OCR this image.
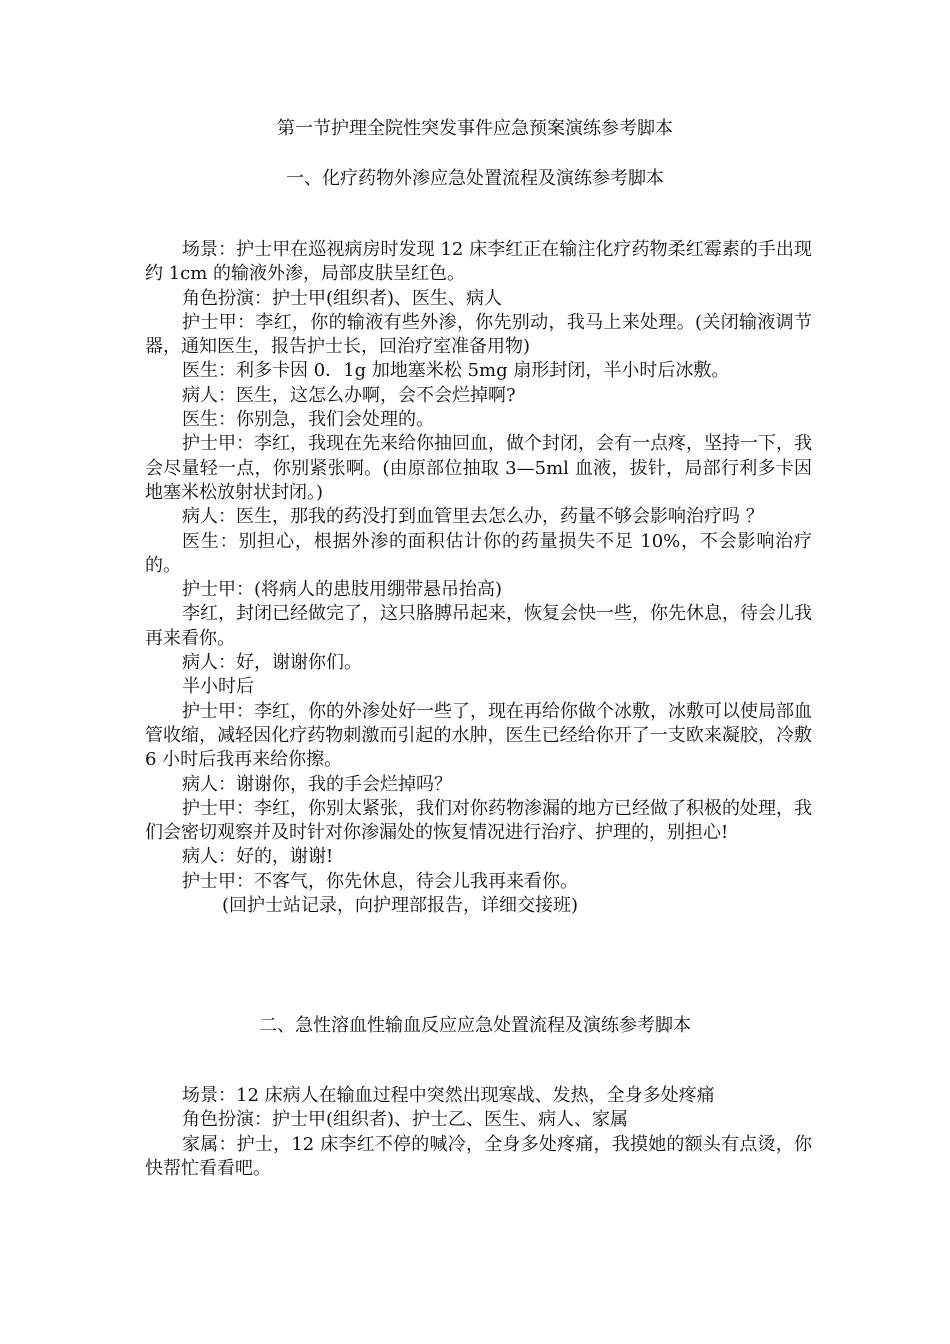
第一节护理全院性突发事件应急预案演练参考脚本
一、化疗药物外渗应急处置流程及演练参考脚本

场景：护士甲在巡视病房时发现 12 床李红正在输注化疗药物柔红霉素的手出现约 1cm 的输液外渗，局部皮肤呈红色。

角色扮演：护士甲(组织者)、医生、病人

护士甲：李红，你的输液有些外渗，你先别动，我马上来处理。(关闭输液调节器，通知医生，报告护士长，回治疗室准备用物)

医生：利多卡因 0．1g 加地塞米松 5mg 扇形封闭，半小时后冰敷。

病人：医生，这怎么办啊，会不会烂掉啊?

医生：你别急，我们会处理的。

护士甲：李红，我现在先来给你抽回血，做个封闭，会有一点疼，坚持一下，我会尽量轻一点，你别紧张啊。(由原部位抽取 3—5ml 血液，拔针，局部行利多卡因地塞米松放射状封闭。)

病人：医生，那我的药没打到血管里去怎么办，药量不够会影响治疗吗 ？

医生：别担心，根据外渗的面积估计你的药量损失不足 10%，不会影响治疗的。

护士甲：(将病人的患肢用绷带悬吊抬高)

李红，封闭已经做完了，这只胳膊吊起来，恢复会快一些，你先休息，待会儿我再来看你。

病人：好，谢谢你们。

半小时后

护士甲：李红，你的外渗处好一些了，现在再给你做个冰敷，冰敷可以使局部血管收缩，减轻因化疗药物刺激而引起的水肿，医生已经给你开了一支欧来凝胶，冷敷 6 小时后我再来给你擦。

病人：谢谢你，我的手会烂掉吗？

护士甲：李红，你别太紧张，我们对你药物渗漏的地方已经做了积极的处理，我们会密切观察并及时针对你渗漏处的恢复情况进行治疗、护理的，别担心!

病人：好的，谢谢!

护士甲：不客气，你先休息，待会儿我再来看你。

(回护士站记录，向护理部报告，详细交接班)

二、急性溶血性输血反应应急处置流程及演练参考脚本

场景：12 床病人在输血过程中突然出现寒战、发热，全身多处疼痛

角色扮演：护士甲(组织者)、护士乙、医生、病人、家属

家属：护士，12 床李红不停的喊冷，全身多处疼痛，我摸她的额头有点烫，你快帮忙看看吧。
